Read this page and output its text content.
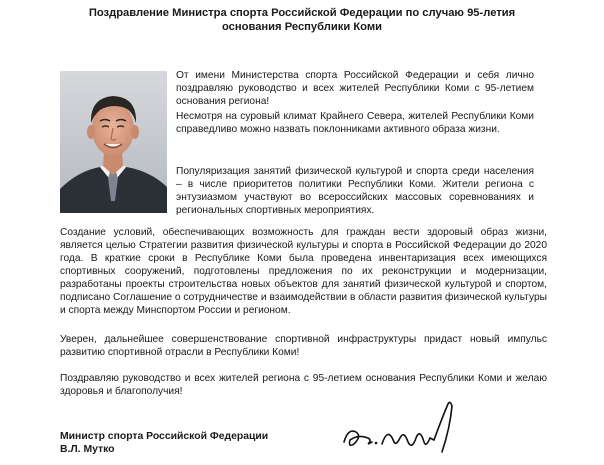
Поздравление Министра спорта Российской Федерации по случаю 95-летия
основания Республики Коми

От имени Министерства спорта Российской Федерации и себя лично поздравляю руководство и всех жителей Республики Коми с 95-летием основания региона!

Несмотря на суровый климат Крайнего Севера, жителей Республики Коми справедливо можно назвать поклонниками активного образа жизни.

Популяризация занятий физической культурой и спорта среди населения – в числе приоритетов политики Республики Коми. Жители региона с энтузиазмом участвуют во всероссийских массовых соревнованиях и региональных спортивных мероприятиях.

Создание условий, обеспечивающих возможность для граждан вести здоровый образ жизни, является целью Стратегии развития физической культуры и спорта в Российской Федерации до 2020 года. В краткие сроки в Республике Коми была проведена инвентаризация всех имеющихся спортивных сооружений, подготовлены предложения по их реконструкции и модернизации, разработаны проекты строительства новых объектов для занятий физической культурой и спортом, подписано Соглашение о сотрудничестве и взаимодействии в области развития физической культуры и спорта между Минспортом России и регионом.

Уверен, дальнейшее совершенствование спортивной инфраструктуры придаст новый импульс развитию спортивной отрасли в Республики Коми!

Поздравляю руководство и всех жителей региона с 95-летием основания Республики Коми и желаю здоровья и благополучия!

Министр спорта Российской Федерации
В.Л. Мутко
